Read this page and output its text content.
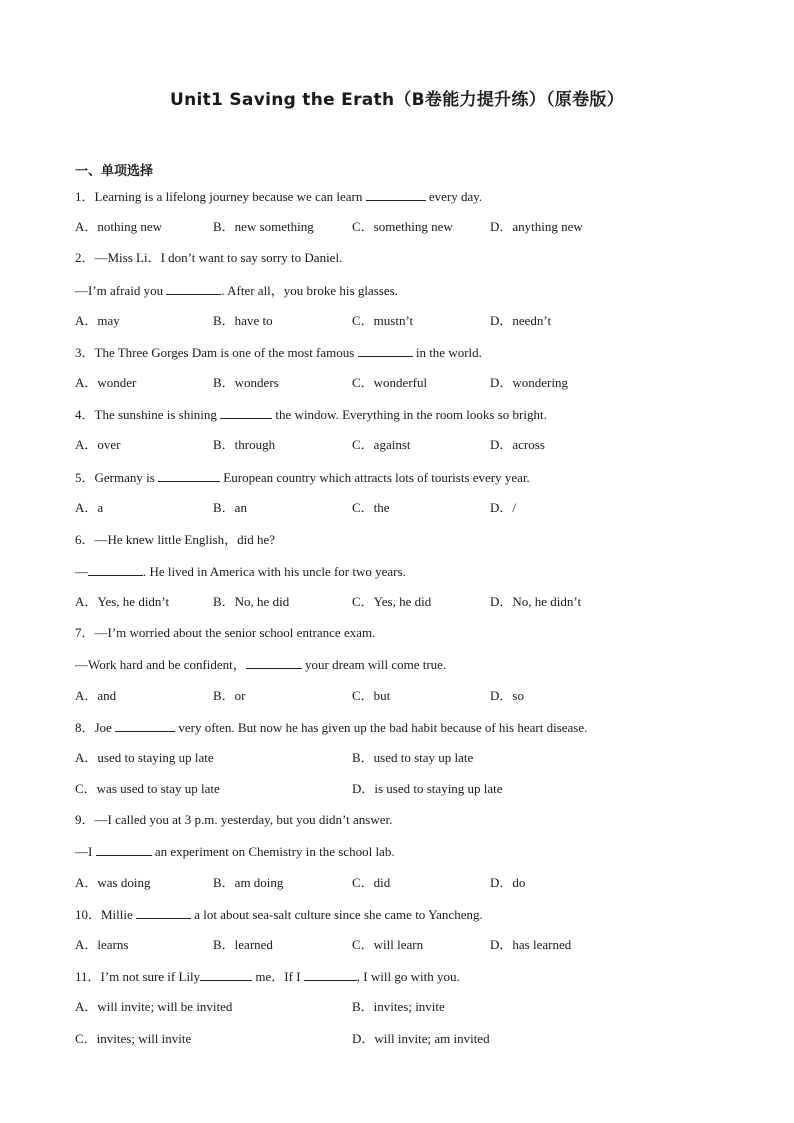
Unit1 Saving the Erath（B卷能力提升练）（原卷版）
一、单项选择
1．Learning is a lifelong journey because we can learn	every day.
A．nothing new	B．new something	C．something new	D．anything new
2．—Miss Li．I don’t want to say sorry to Daniel.
—I’m afraid you	. After all，you broke his glasses.
A．may	B．have to	C．mustn’t	D．needn’t
3．The Three Gorges Dam is one of the most famous	in the world.
A．wonder	B．wonders	C．wonderful	D．wondering
4．The sunshine is shining	the window. Everything in the room looks so bright.
A．over	B．through	C．against	D．across
5．Germany is	European country which attracts lots of tourists every year.
A．a	B．an	C．the	D．/
6．—He knew little English，did he?
—	. He lived in America with his uncle for two years.
A．Yes, he didn’t	B．No, he did	C．Yes, he did	D．No, he didn’t
7．—I’m worried about the senior school entrance exam.
—Work hard and be confident，	your dream will come true.
A．and	B．or	C．but	D．so
8．Joe	very often. But now he has given up the bad habit because of his heart disease.
A．used to staying up late	B．used to stay up late
C．was used to stay up late	D．is used to staying up late
9．—I called you at 3 p.m. yesterday, but you didn’t answer.
—I	an experiment on Chemistry in the school lab.
A．was doing	B．am doing	C．did	D．do
10．Millie	a lot about sea-salt culture since she came to Yancheng.
A．learns	B．learned	C．will learn	D．has learned
11．I’m not sure if Lily	me．If I	, I will go with you.
A．will invite; will be invited	B．invites; invite
C．invites; will invite	D．will invite; am invited
